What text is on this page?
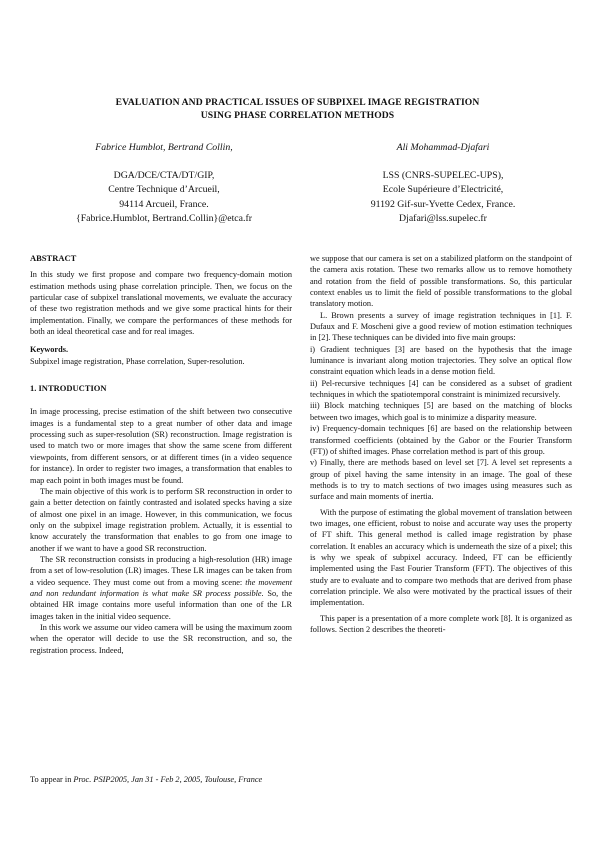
EVALUATION AND PRACTICAL ISSUES OF SUBPIXEL IMAGE REGISTRATION
USING PHASE CORRELATION METHODS
Fabrice Humblot, Bertrand Collin,
DGA/DCE/CTA/DT/GIP,
Centre Technique d’Arcueil,
94114 Arcueil, France.
{Fabrice.Humblot, Bertrand.Collin}@etca.fr
Ali Mohammad-Djafari
LSS (CNRS-SUPELEC-UPS),
Ecole Supérieure d’Electricité,
91192 Gif-sur-Yvette Cedex, France.
Djafari@lss.supelec.fr

ABSTRACT

In this study we first propose and compare two frequency-domain motion estimation methods using phase correlation principle. Then, we focus on the particular case of subpixel translational movements, we evaluate the accuracy of these two registration methods and we give some practical hints for their implementation. Finally, we compare the performances of these methods for both an ideal theoretical case and for real images.

Keywords.

Subpixel image registration, Phase correlation, Super-resolution.

1. INTRODUCTION

In image processing, precise estimation of the shift between two consecutive images is a fundamental step to a great number of other data and image processing such as super-resolution (SR) reconstruction. Image registration is used to match two or more images that show the same scene from different viewpoints, from different sensors, or at different times (in a video sequence for instance). In order to register two images, a transformation that enables to map each point in both images must be found.

The main objective of this work is to perform SR reconstruction in order to gain a better detection on faintly contrasted and isolated specks having a size of almost one pixel in an image. However, in this communication, we focus only on the subpixel image registration problem. Actually, it is essential to know accurately the transformation that enables to go from one image to another if we want to have a good SR reconstruction.

The SR reconstruction consists in producing a high-resolution (HR) image from a set of low-resolution (LR) images. These LR images can be taken from a video sequence. They must come out from a moving scene: the movement and non redundant information is what make SR process possible. So, the obtained HR image contains more useful information than one of the LR images taken in the initial video sequence.

In this work we assume our video camera will be using the maximum zoom when the operator will decide to use the SR reconstruction, and so, the registration process. Indeed,

we suppose that our camera is set on a stabilized platform on the standpoint of the camera axis rotation. These two remarks allow us to remove homothety and rotation from the field of possible transformations. So, this particular context enables us to limit the field of possible transformations to the global translatory motion.

L. Brown presents a survey of image registration techniques in [1]. F. Dufaux and F. Moscheni give a good review of motion estimation techniques in [2]. These techniques can be divided into five main groups:

i) Gradient techniques [3] are based on the hypothesis that the image luminance is invariant along motion trajectories. They solve an optical flow constraint equation which leads in a dense motion field.

ii) Pel-recursive techniques [4] can be considered as a subset of gradient techniques in which the spatiotemporal constraint is minimized recursively.

iii) Block matching techniques [5] are based on the matching of blocks between two images, which goal is to minimize a disparity measure.

iv) Frequency-domain techniques [6] are based on the relationship between transformed coefficients (obtained by the Gabor or the Fourier Transform (FT)) of shifted images. Phase correlation method is part of this group.

v) Finally, there are methods based on level set [7]. A level set represents a group of pixel having the same intensity in an image. The goal of these methods is to try to match sections of two images using measures such as surface and main moments of inertia.

With the purpose of estimating the global movement of translation between two images, one efficient, robust to noise and accurate way uses the property of FT shift. This general method is called image registration by phase correlation. It enables an accuracy which is underneath the size of a pixel; this is why we speak of subpixel accuracy. Indeed, FT can be efficiently implemented using the Fast Fourier Transform (FFT). The objectives of this study are to evaluate and to compare two methods that are derived from phase correlation principle. We also were motivated by the practical issues of their implementation.

This paper is a presentation of a more complete work [8]. It is organized as follows. Section 2 describes the theoreti-

To appear in Proc. PSIP2005, Jan 31 - Feb 2, 2005, Toulouse, France
